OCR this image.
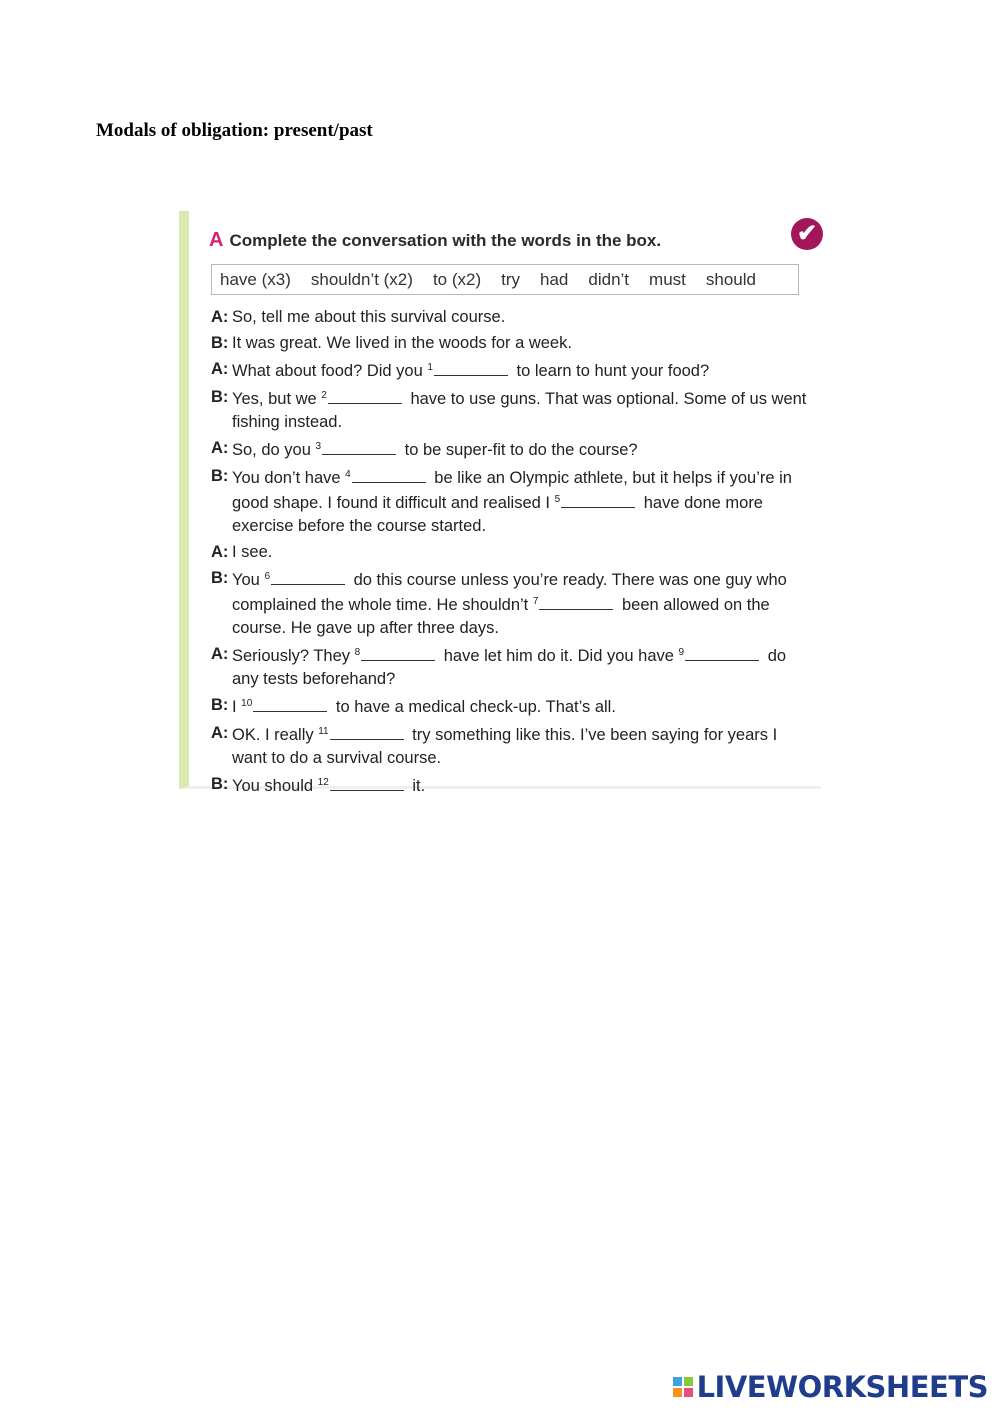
Modals of obligation: present/past
A Complete the conversation with the words in the box.	✔
have (x3) shouldn’t (x2) to (x2) try had didn’t must should
A: So, tell me about this survival course.
B: It was great. We lived in the woods for a week.
A: What about food? Did you $^1$	to learn to hunt your food?
B: Yes, but we $^2$	have to use guns. That was optional. Some of us went fishing instead.
A: So, do you $^3$	to be super-fit to do the course?
B: You don’t have $^4$	be like an Olympic athlete, but it helps if you’re in good shape. I found it difficult and realised I $^5$	have done more exercise before the course started.
A: I see.
B: You $^6$	do this course unless you’re ready. There was one guy who complained the whole time. He shouldn’t $^7$	been allowed on the course. He gave up after three days.
A: Seriously? They $^8$	have let him do it. Did you have $^9$	do any tests beforehand?
B: I $^{10}$	to have a medical check-up. That’s all.
A: OK. I really $^{11}$	try something like this. I’ve been saying for years I want to do a survival course.
B: You should $^{12}$	it.
LIVEWORKSHEETS
